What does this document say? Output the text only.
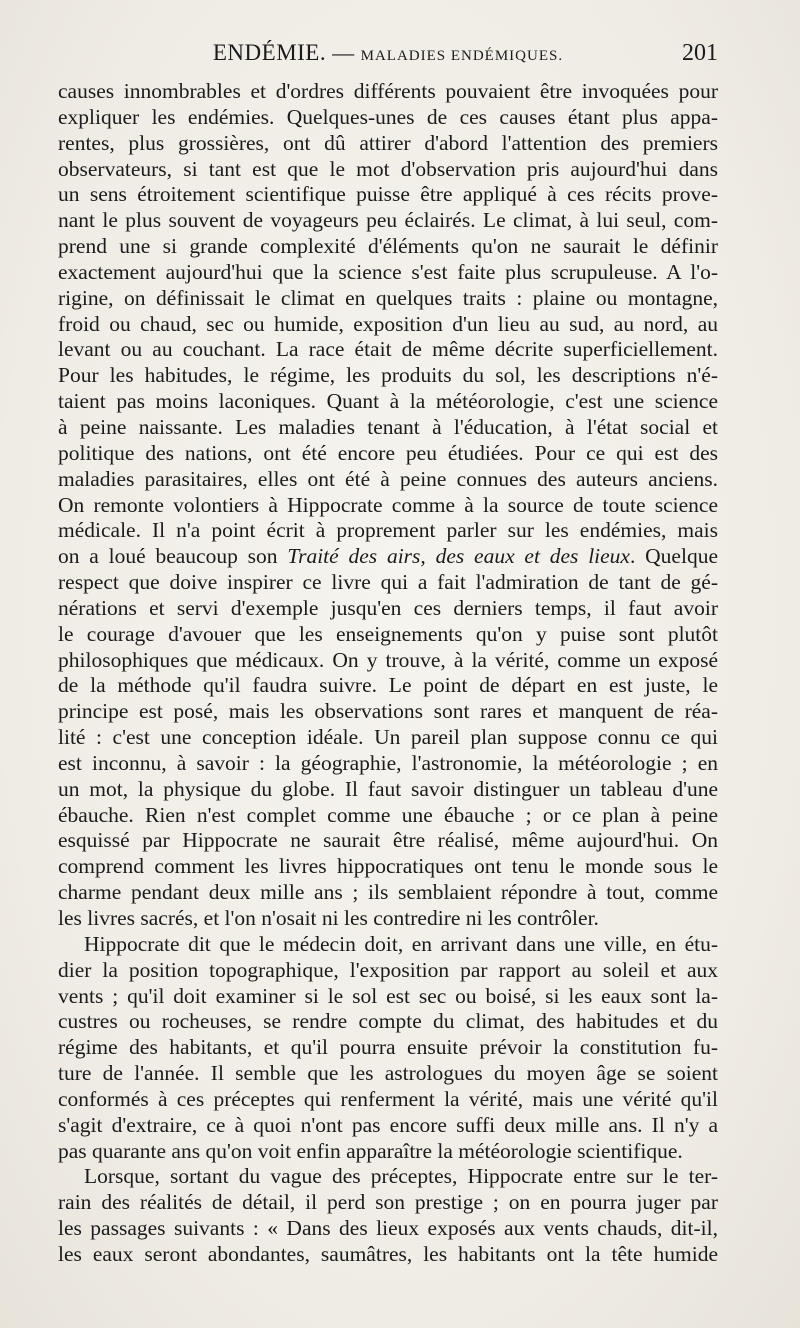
ENDÉMIE. — MALADIES ENDÉMIQUES.	201
causes innombrables et d'ordres différents pouvaient être invoquées pour
expliquer les endémies. Quelques-unes de ces causes étant plus appa-
rentes, plus grossières, ont dû attirer d'abord l'attention des premiers
observateurs, si tant est que le mot d'observation pris aujourd'hui dans
un sens étroitement scientifique puisse être appliqué à ces récits prove-
nant le plus souvent de voyageurs peu éclairés. Le climat, à lui seul, com-
prend une si grande complexité d'éléments qu'on ne saurait le définir
exactement aujourd'hui que la science s'est faite plus scrupuleuse. A l'o-
rigine, on définissait le climat en quelques traits : plaine ou montagne,
froid ou chaud, sec ou humide, exposition d'un lieu au sud, au nord, au
levant ou au couchant. La race était de même décrite superficiellement.
Pour les habitudes, le régime, les produits du sol, les descriptions n'é-
taient pas moins laconiques. Quant à la météorologie, c'est une science
à peine naissante. Les maladies tenant à l'éducation, à l'état social et
politique des nations, ont été encore peu étudiées. Pour ce qui est des
maladies parasitaires, elles ont été à peine connues des auteurs anciens.
On remonte volontiers à Hippocrate comme à la source de toute science
médicale. Il n'a point écrit à proprement parler sur les endémies, mais
on a loué beaucoup son Traité des airs, des eaux et des lieux. Quelque
respect que doive inspirer ce livre qui a fait l'admiration de tant de gé-
nérations et servi d'exemple jusqu'en ces derniers temps, il faut avoir
le courage d'avouer que les enseignements qu'on y puise sont plutôt
philosophiques que médicaux. On y trouve, à la vérité, comme un exposé
de la méthode qu'il faudra suivre. Le point de départ en est juste, le
principe est posé, mais les observations sont rares et manquent de réa-
lité : c'est une conception idéale. Un pareil plan suppose connu ce qui
est inconnu, à savoir : la géographie, l'astronomie, la météorologie ; en
un mot, la physique du globe. Il faut savoir distinguer un tableau d'une
ébauche. Rien n'est complet comme une ébauche ; or ce plan à peine
esquissé par Hippocrate ne saurait être réalisé, même aujourd'hui. On
comprend comment les livres hippocratiques ont tenu le monde sous le
charme pendant deux mille ans ; ils semblaient répondre à tout, comme
les livres sacrés, et l'on n'osait ni les contredire ni les contrôler.
Hippocrate dit que le médecin doit, en arrivant dans une ville, en étu-
dier la position topographique, l'exposition par rapport au soleil et aux
vents ; qu'il doit examiner si le sol est sec ou boisé, si les eaux sont la-
custres ou rocheuses, se rendre compte du climat, des habitudes et du
régime des habitants, et qu'il pourra ensuite prévoir la constitution fu-
ture de l'année. Il semble que les astrologues du moyen âge se soient
conformés à ces préceptes qui renferment la vérité, mais une vérité qu'il
s'agit d'extraire, ce à quoi n'ont pas encore suffi deux mille ans. Il n'y a
pas quarante ans qu'on voit enfin apparaître la météorologie scientifique.
Lorsque, sortant du vague des préceptes, Hippocrate entre sur le ter-
rain des réalités de détail, il perd son prestige ; on en pourra juger par
les passages suivants : « Dans des lieux exposés aux vents chauds, dit-il,
les eaux seront abondantes, saumâtres, les habitants ont la tête humide
